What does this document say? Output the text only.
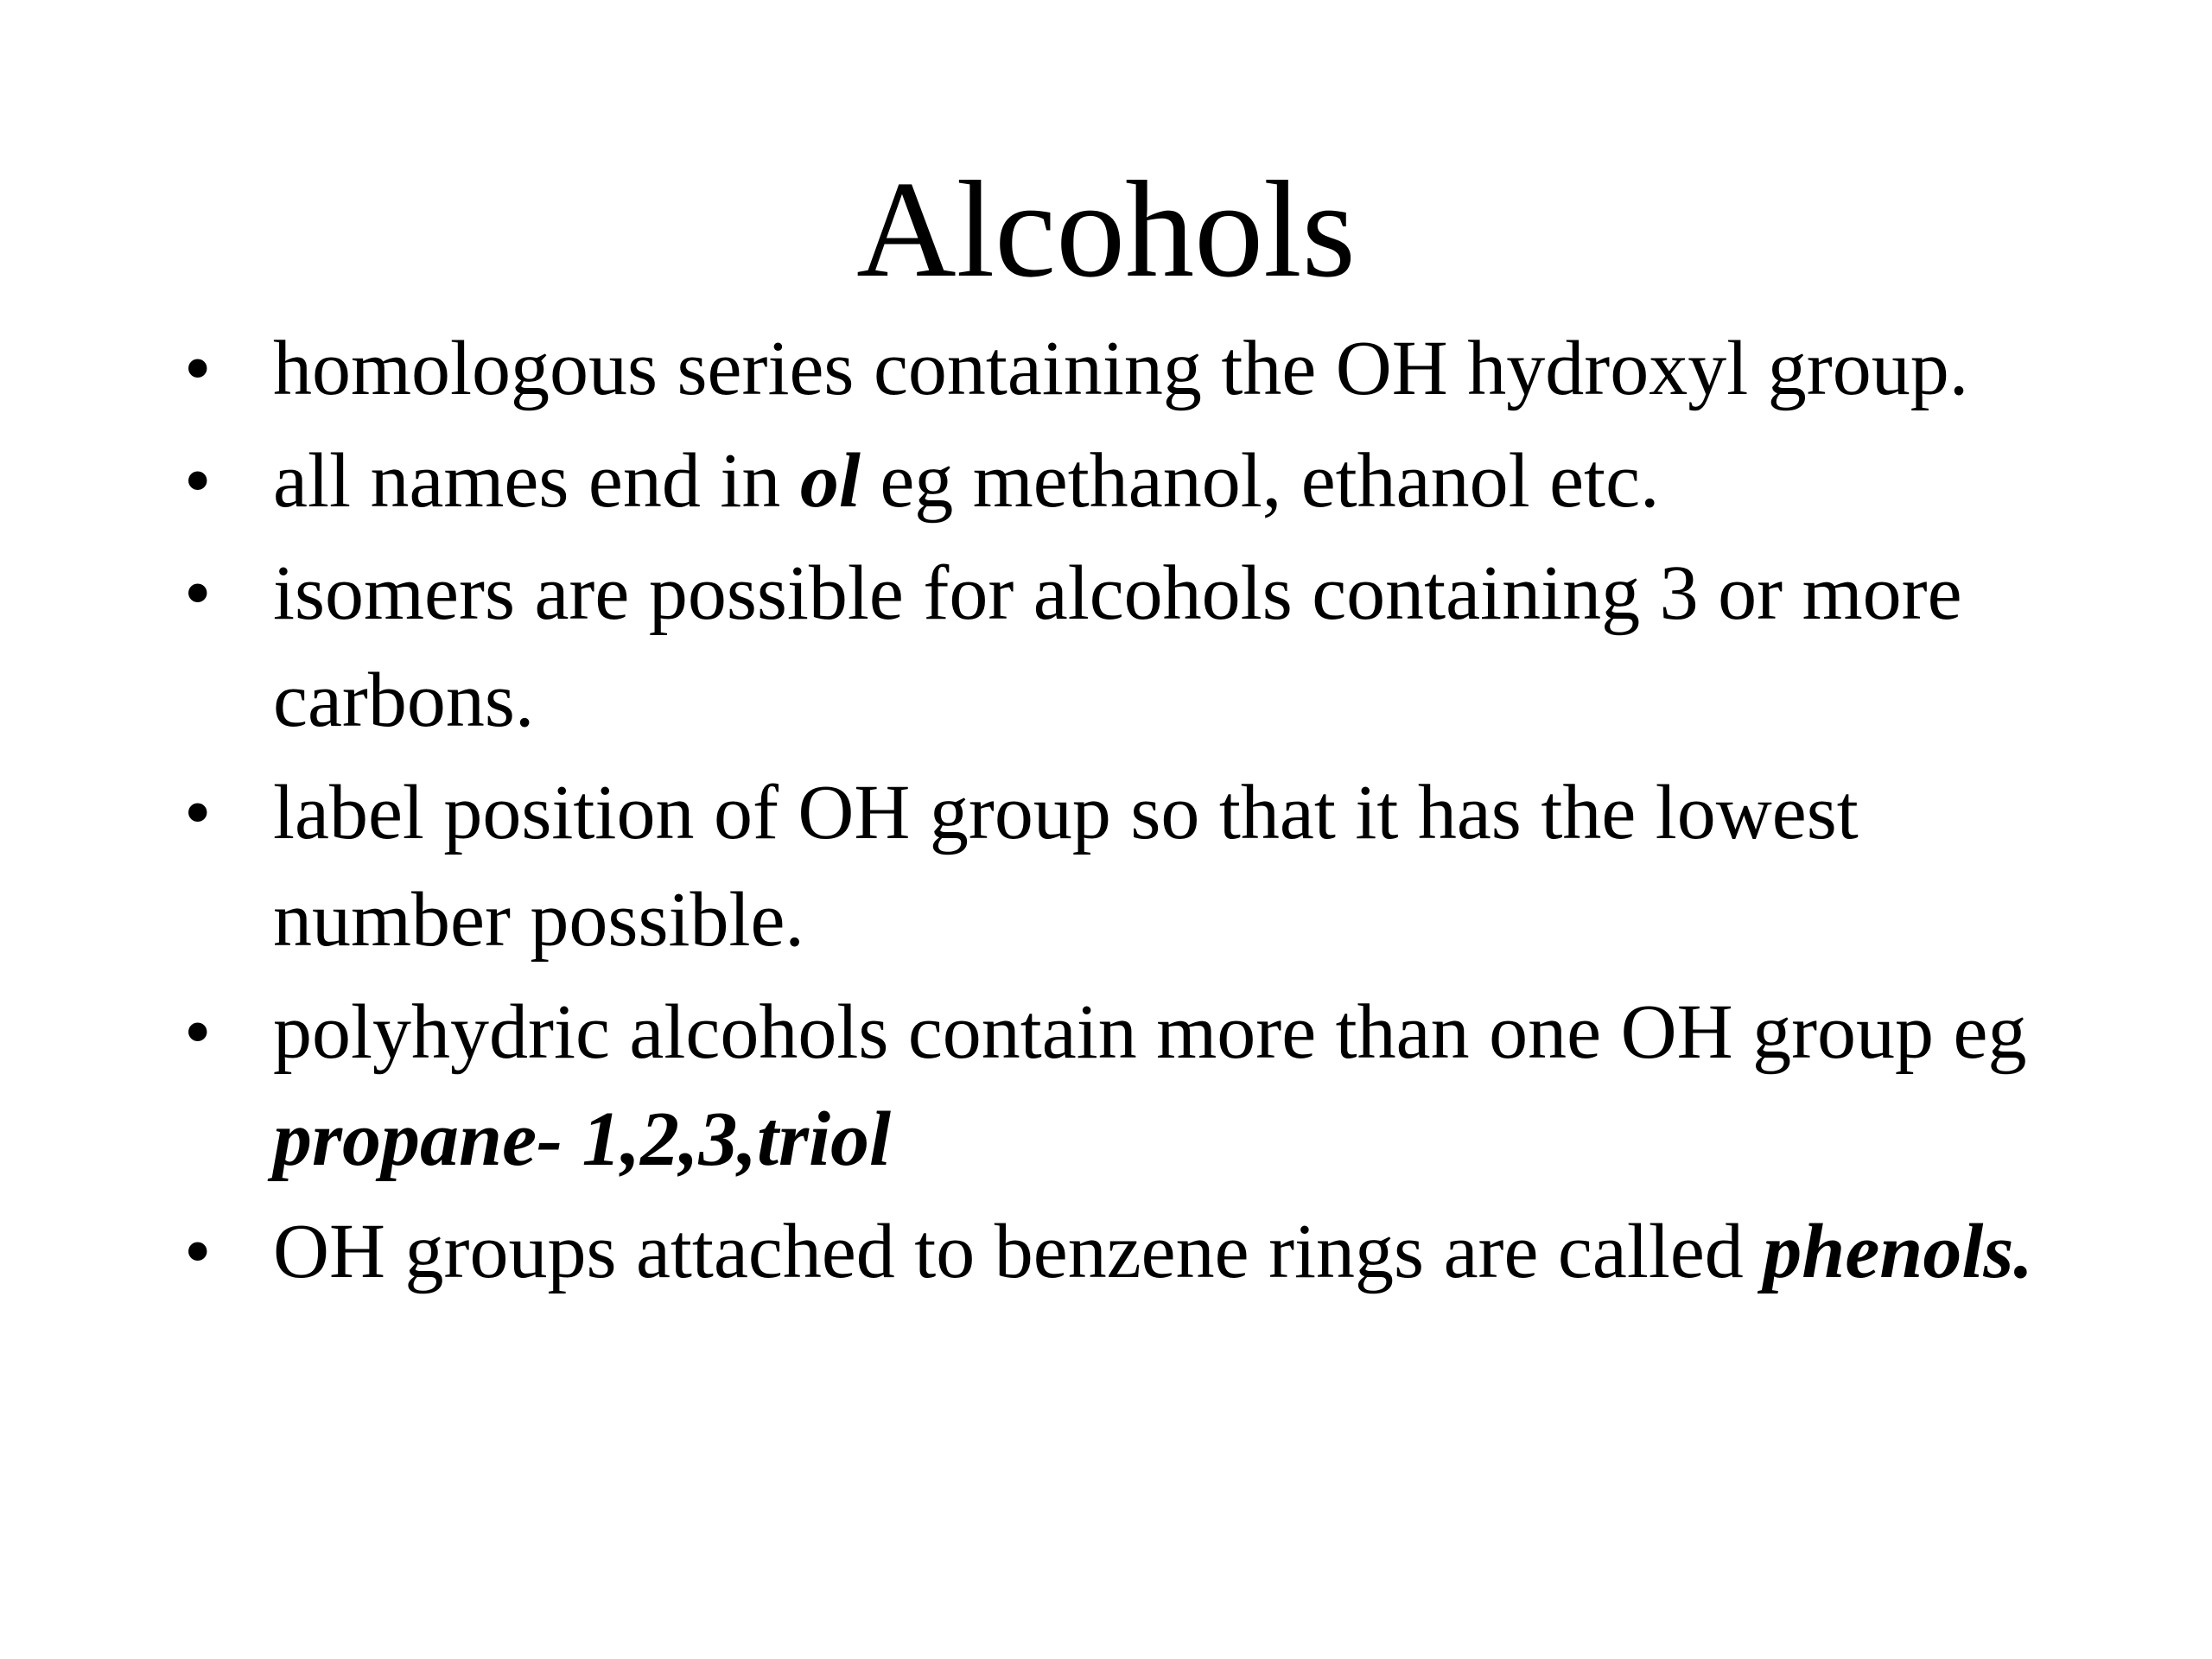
Alcohols
• homologous series containing the OH hydroxyl group.
• all names end in ol eg methanol, ethanol etc.
• isomers are possible for alcohols containing 3 or more carbons.
• label position of OH group so that it has the lowest number possible.
• polyhydric alcohols contain more than one OH group eg propane- 1,2,3,triol
• OH groups attached to benzene rings are called phenols.
